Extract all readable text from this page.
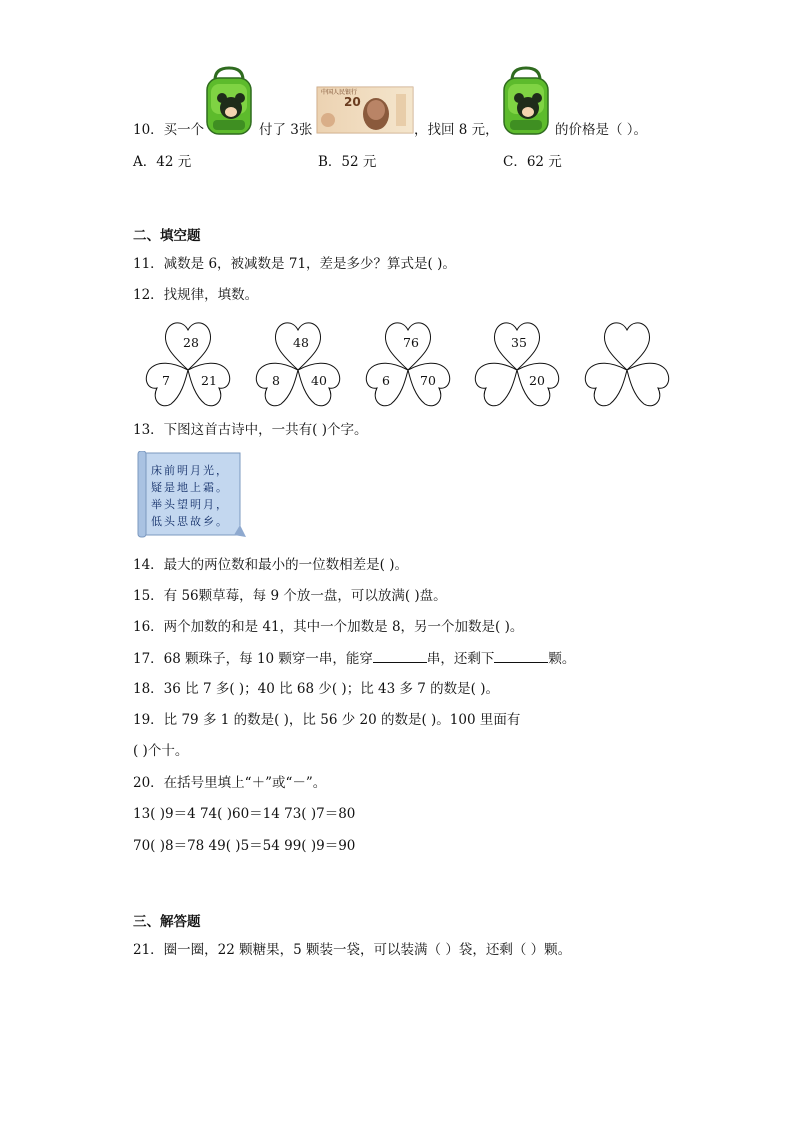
中国人民银行
20
10．买一个	付了 3张	，找回 8 元，	的价格是（ ）。
A．42 元	B．52 元	C．62 元
二、填空题
11．减数是 6，被减数是 71，差是多少？算式是( )。
12．找规律，填数。
28
7 21
48
8 40
76
6 70
35
20
13．下图这首古诗中，一共有( )个字。
床前明月光，
疑是地上霜。
举头望明月，
低头思故乡。
14．最大的两位数和最小的一位数相差是( )。
15．有 56颗草莓，每 9 个放一盘，可以放满( )盘。
16．两个加数的和是 41，其中一个加数是 8，另一个加数是( )。
17．68 颗珠子，每 10 颗穿一串，能穿	串，还剩下	颗。
18．36 比 7 多( )；40 比 68 少( )；比 43 多 7 的数是( )。
19．比 79 多 1 的数是( )，比 56 少 20 的数是( )。100 里面有
( )个十。
20．在括号里填上“＋”或“－”。
13( )9＝4 74( )60＝14 73( )7＝80
70( )8＝78 49( )5＝54 99( )9＝90
三、解答题
21．圈一圈，22 颗糖果，5 颗装一袋，可以装满（ ）袋，还剩（ ）颗。
